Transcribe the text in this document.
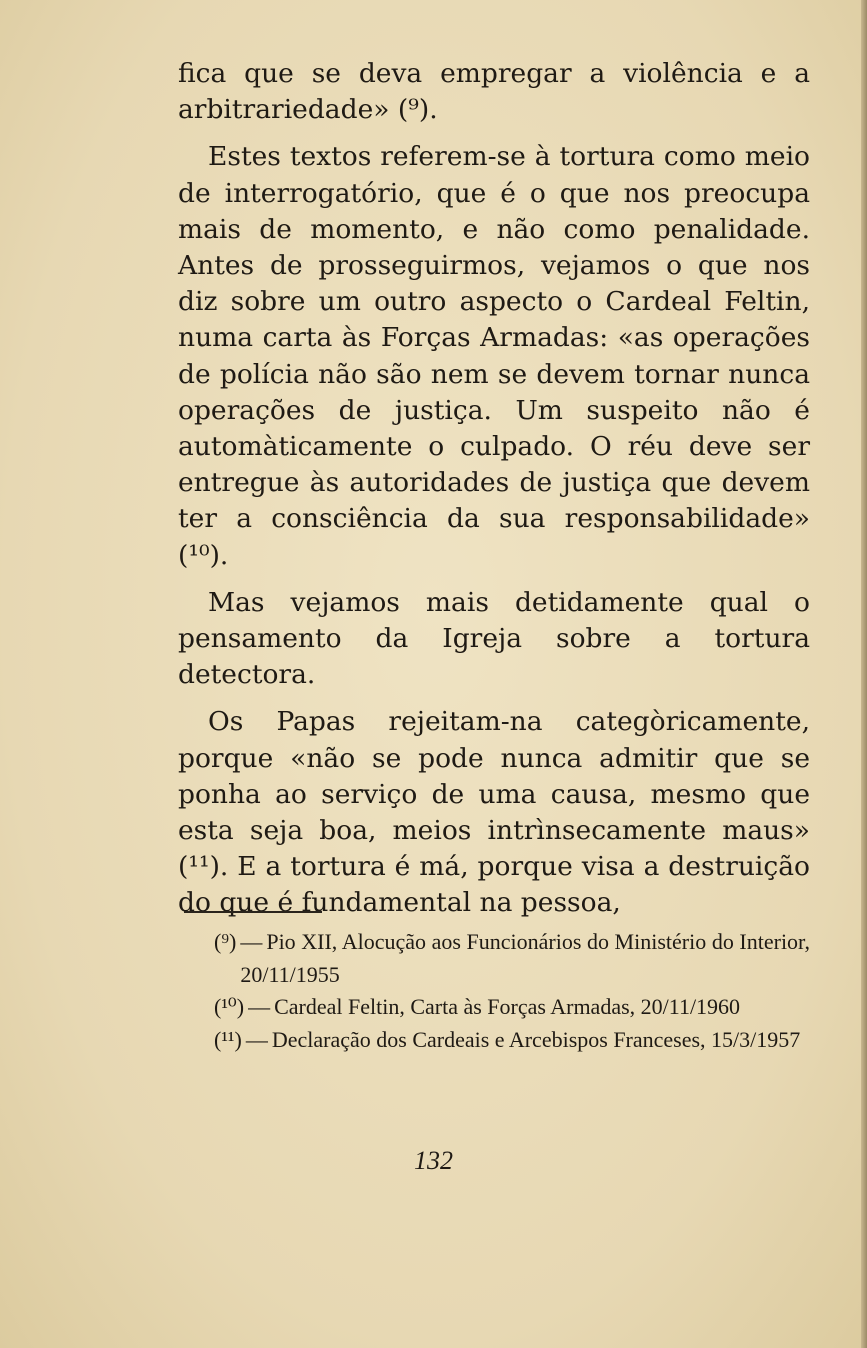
fica que se deva empregar a violência e a arbitrariedade» (⁹).

Estes textos referem-se à tortura como meio de interrogatório, que é o que nos preocupa mais de momento, e não como penalidade. Antes de prosseguirmos, vejamos o que nos diz sobre um outro aspecto o Cardeal Feltin, numa carta às Forças Armadas: «as operações de polícia não são nem se devem tornar nunca operações de justiça. Um suspeito não é automàticamente o culpado. O réu deve ser entregue às autoridades de justiça que devem ter a consciência da sua responsabilidade» (¹⁰).

Mas vejamos mais detidamente qual o pensamento da Igreja sobre a tortura detectora.

Os Papas rejeitam-na categòricamente, porque «não se pode nunca admitir que se ponha ao serviço de uma causa, mesmo que esta seja boa, meios intrìnsecamente maus» (¹¹). E a tortura é má, porque visa a destruição do que é fundamental na pessoa,

(⁹) — Pio XII, Alocução aos Funcionários do Ministério do Interior, 20/11/1955
(¹⁰) — Cardeal Feltin, Carta às Forças Armadas, 20/11/1960
(¹¹) — Declaração dos Cardeais e Arcebispos Franceses, 15/3/1957
132
